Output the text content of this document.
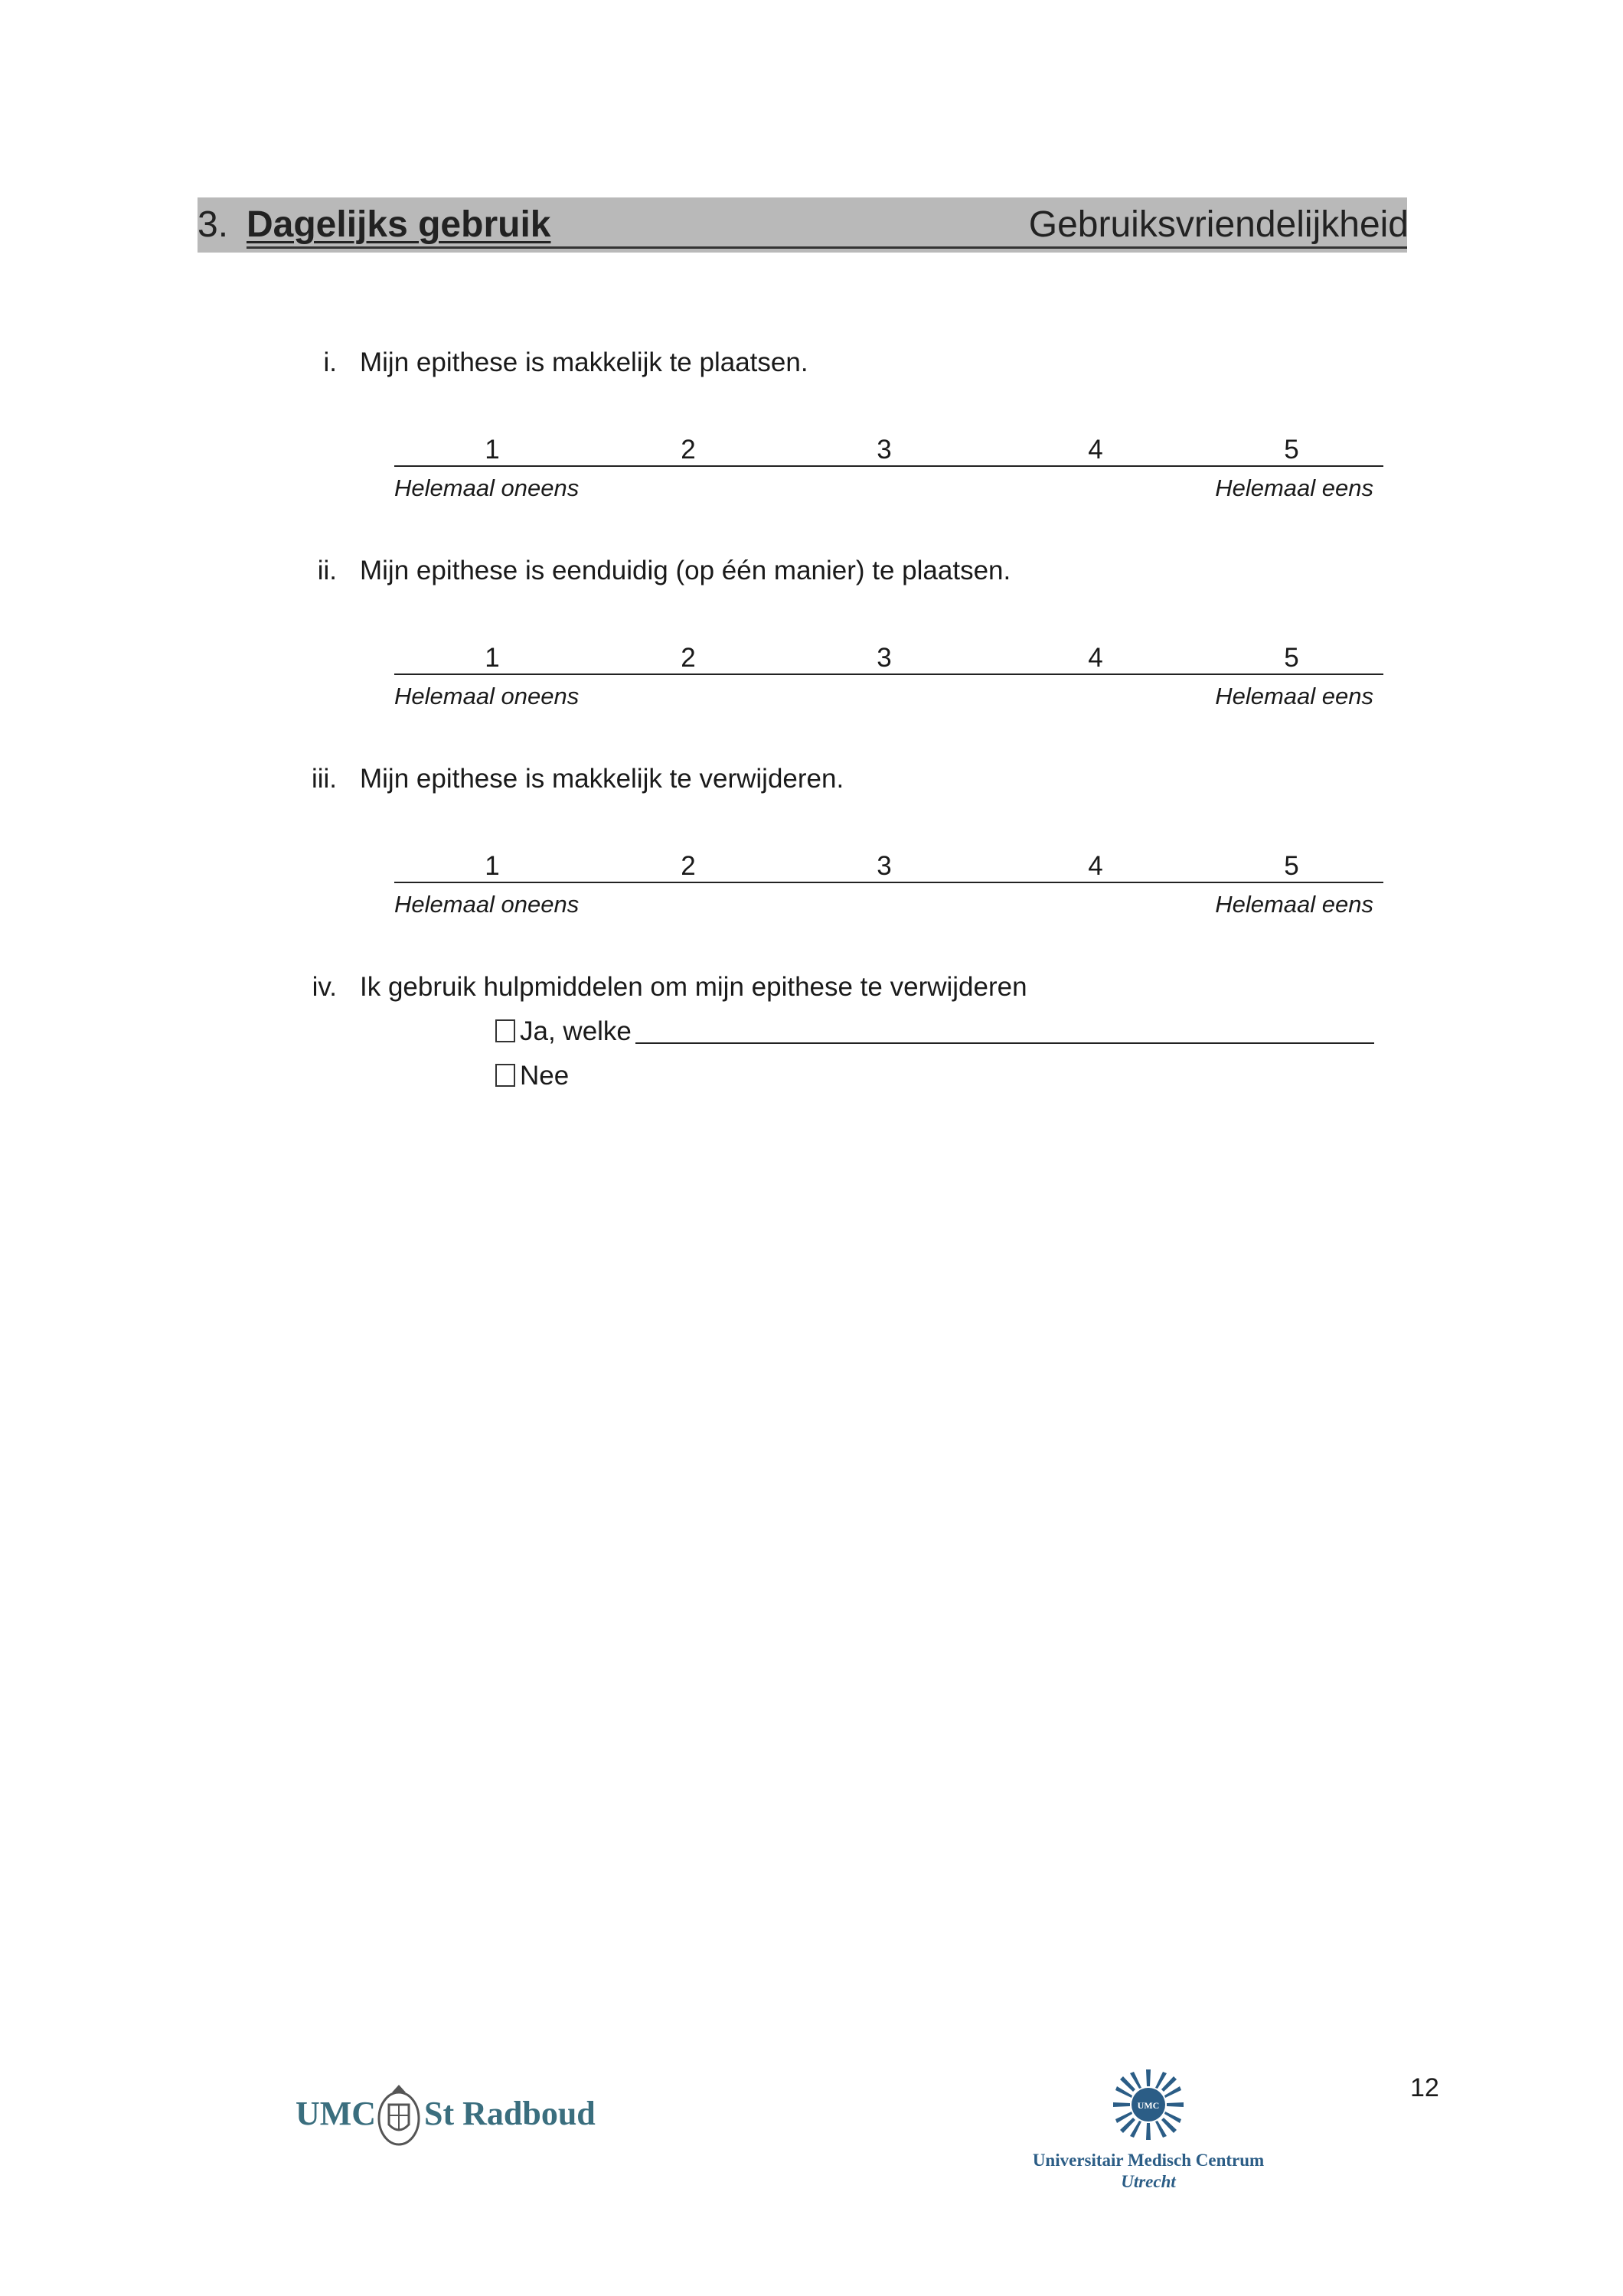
3. Dagelijks gebruik	Gebruiksvriendelijkheid
i. Mijn epithese is makkelijk te plaatsen.
1	2	3	4	5
Helemaal oneens	Helemaal eens
ii. Mijn epithese is eenduidig (op één manier) te plaatsen.
1	2	3	4	5
Helemaal oneens	Helemaal eens
iii. Mijn epithese is makkelijk te verwijderen.
1	2	3	4	5
Helemaal oneens	Helemaal eens
iv. Ik gebruik hulpmiddelen om mijn epithese te verwijderen
Ja, welke
Nee
12
UMC St Radboud	UMC
Universitair Medisch Centrum
Utrecht
